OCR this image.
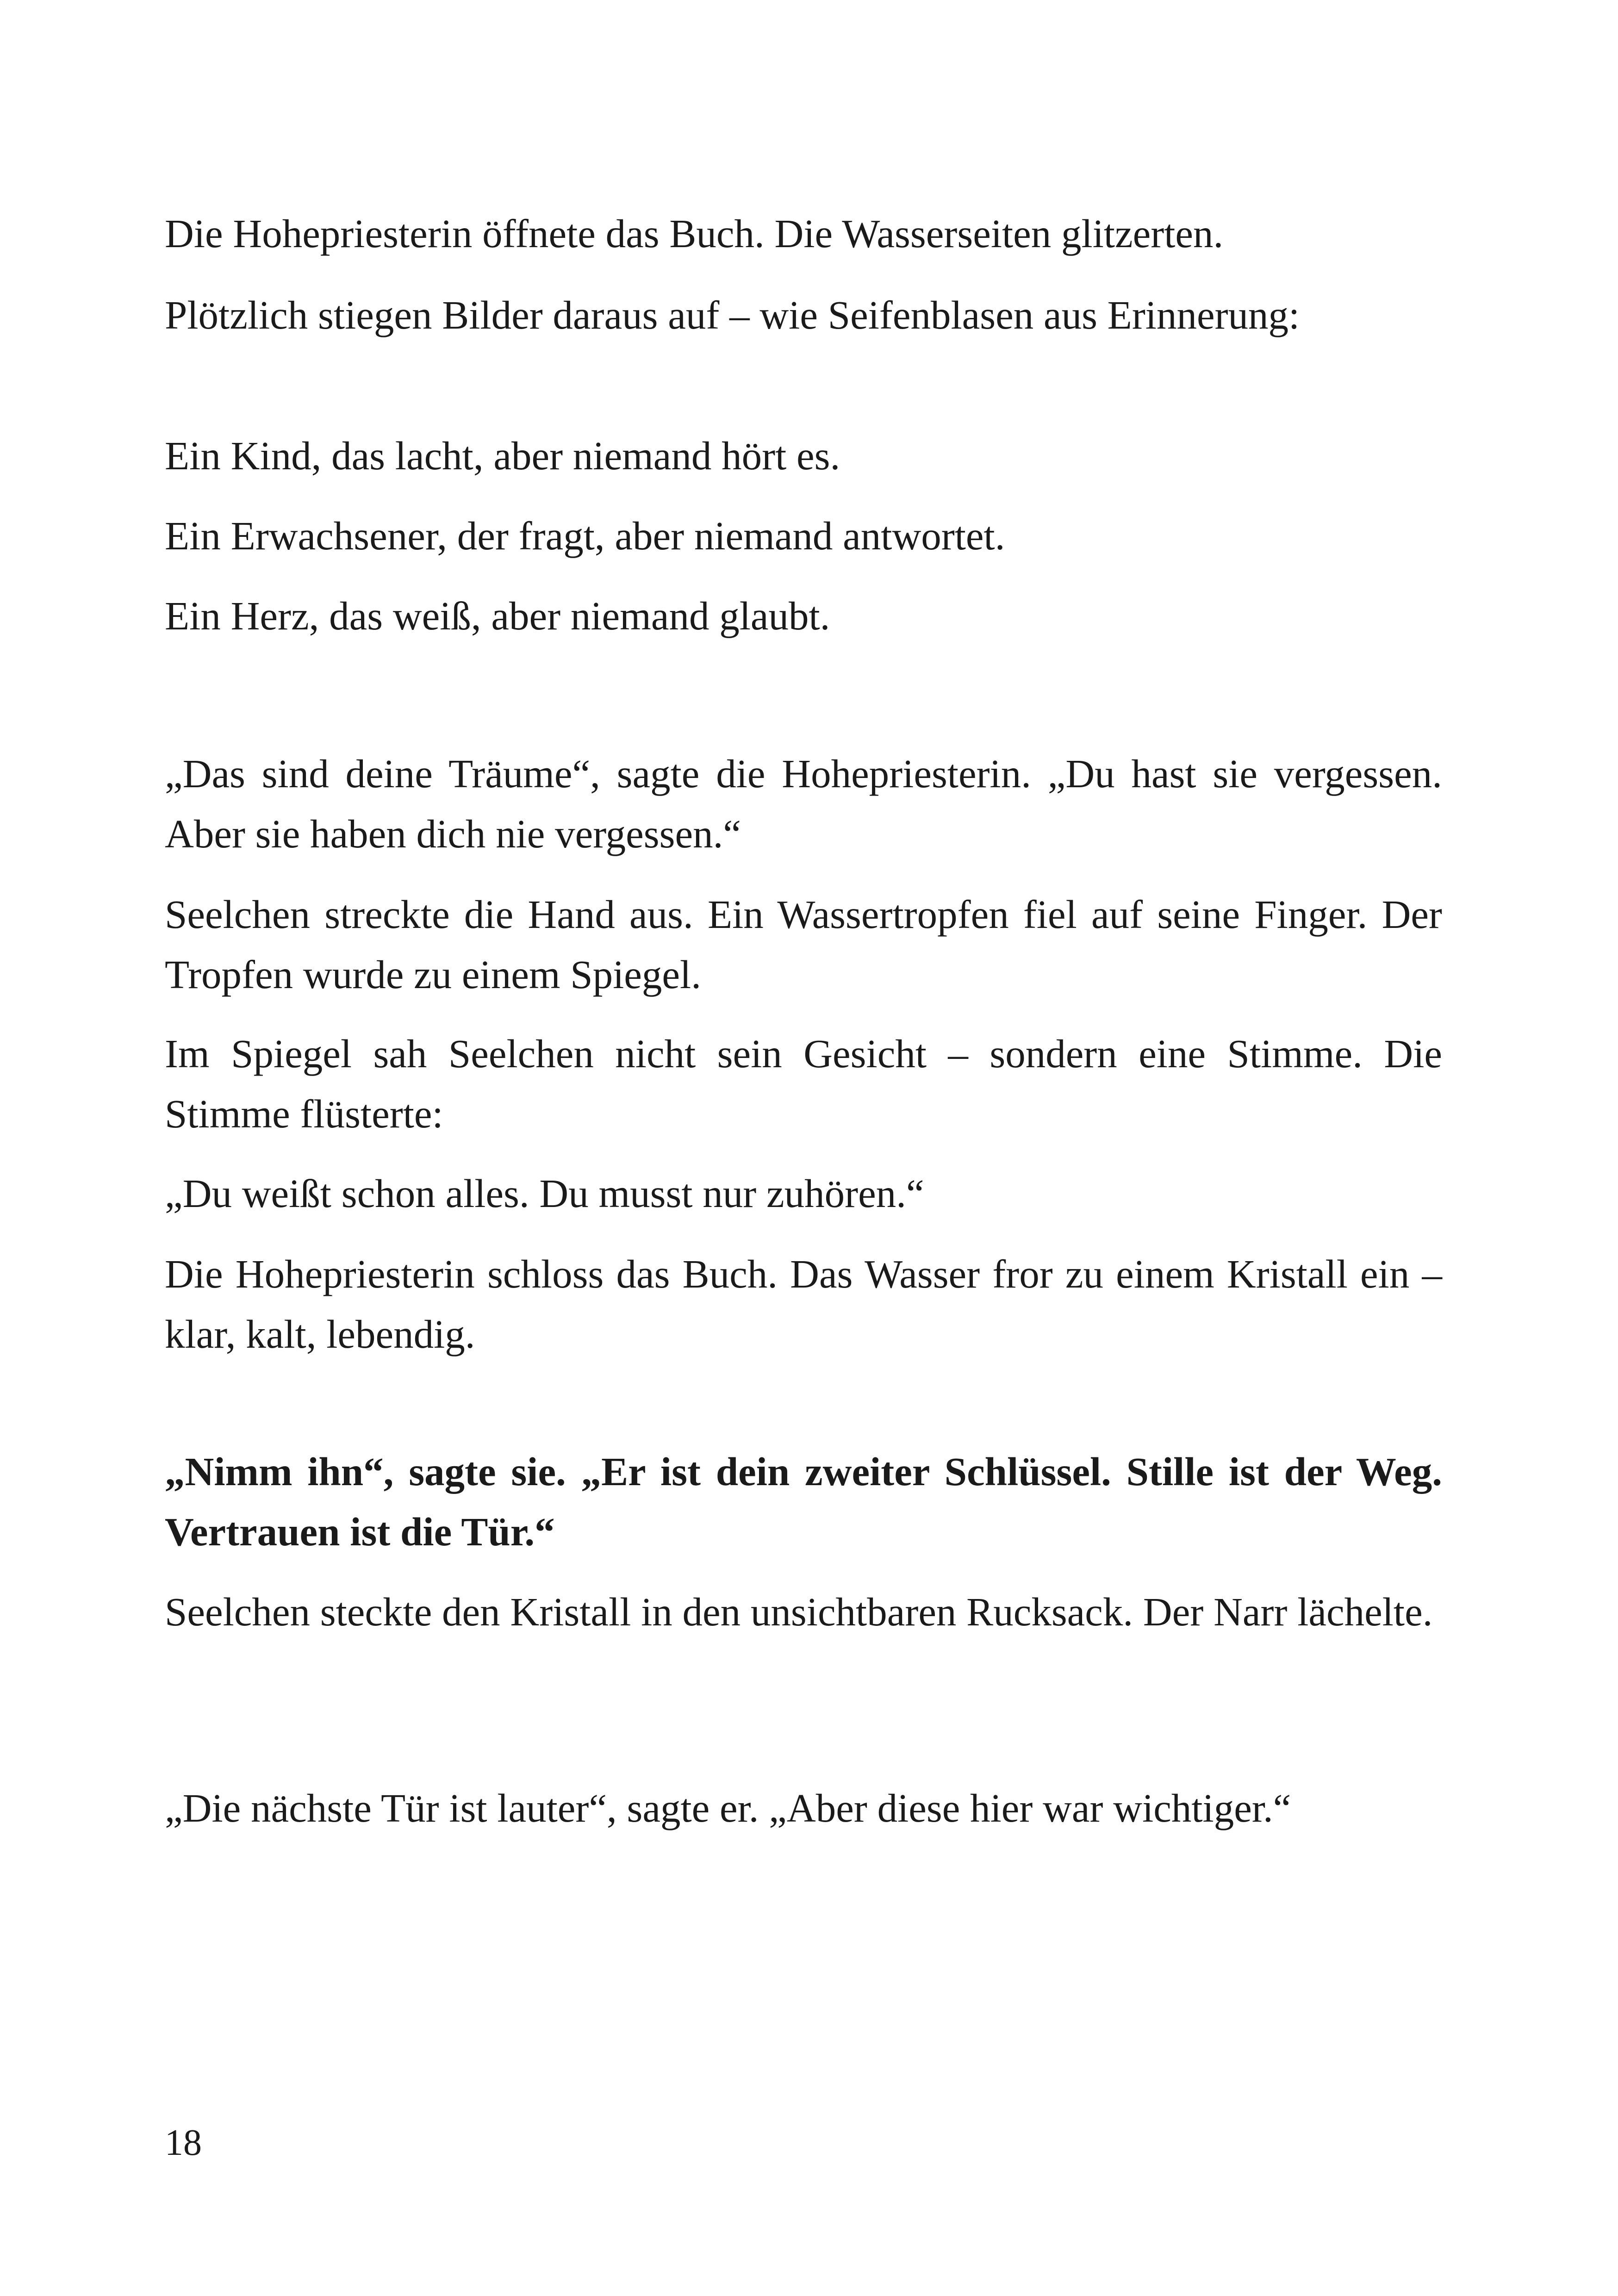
Die Hohepriesterin öffnete das Buch. Die Wasserseiten glitzerten.

Plötzlich stiegen Bilder daraus auf – wie Seifenblasen aus Erinnerung:

Ein Kind, das lacht, aber niemand hört es.

Ein Erwachsener, der fragt, aber niemand antwortet.

Ein Herz, das weiß, aber niemand glaubt.

„Das sind deine Träume“, sagte die Hohepriesterin. „Du hast sie vergessen. Aber sie haben dich nie vergessen.“

Seelchen streckte die Hand aus. Ein Wassertropfen fiel auf seine Finger. Der Tropfen wurde zu einem Spiegel.

Im Spiegel sah Seelchen nicht sein Gesicht – sondern eine Stimme. Die Stimme flüsterte:

„Du weißt schon alles. Du musst nur zuhören.“

Die Hohepriesterin schloss das Buch. Das Wasser fror zu einem Kristall ein – klar, kalt, lebendig.

„Nimm ihn“, sagte sie. „Er ist dein zweiter Schlüssel. Stille ist der Weg. Vertrauen ist die Tür.“

Seelchen steckte den Kristall in den unsichtbaren Rucksack. Der Narr lächelte.

„Die nächste Tür ist lauter“, sagte er. „Aber diese hier war wichtiger.“

18
